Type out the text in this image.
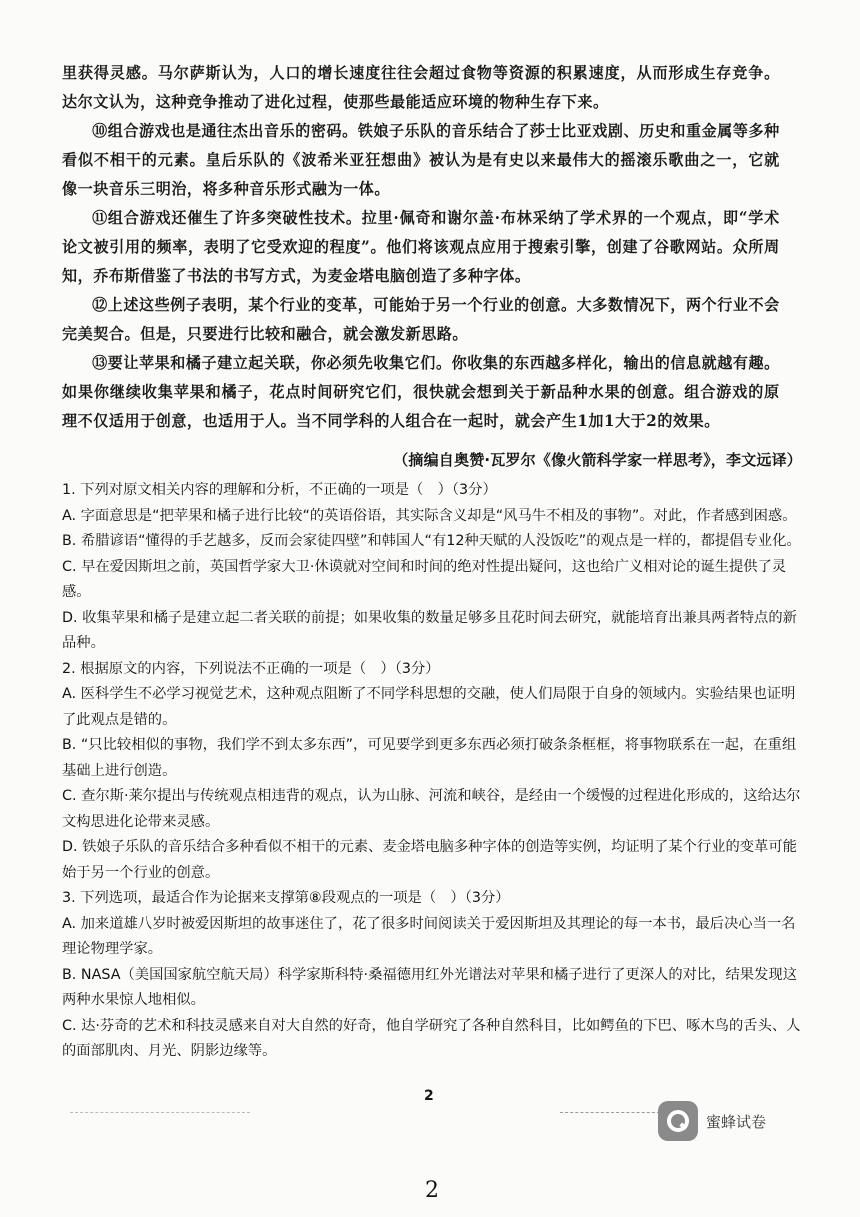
里获得灵感。马尔萨斯认为，人口的增长速度往往会超过食物等资源的积累速度，从而形成生存竞争。达尔文认为，这种竞争推动了进化过程，使那些最能适应环境的物种生存下来。

⑩组合游戏也是通往杰出音乐的密码。铁娘子乐队的音乐结合了莎士比亚戏剧、历史和重金属等多种看似不相干的元素。皇后乐队的《波希米亚狂想曲》被认为是有史以来最伟大的摇滚乐歌曲之一，它就像一块音乐三明治，将多种音乐形式融为一体。

⑪组合游戏还催生了许多突破性技术。拉里·佩奇和谢尔盖·布林采纳了学术界的一个观点，即“学术论文被引用的频率，表明了它受欢迎的程度”。他们将该观点应用于搜索引擎，创建了谷歌网站。众所周知，乔布斯借鉴了书法的书写方式，为麦金塔电脑创造了多种字体。

⑫上述这些例子表明，某个行业的变革，可能始于另一个行业的创意。大多数情况下，两个行业不会完美契合。但是，只要进行比较和融合，就会激发新思路。

⑬要让苹果和橘子建立起关联，你必须先收集它们。你收集的东西越多样化，输出的信息就越有趣。如果你继续收集苹果和橘子，花点时间研究它们，很快就会想到关于新品种水果的创意。组合游戏的原理不仅适用于创意，也适用于人。当不同学科的人组合在一起时，就会产生1加1大于2的效果。

（摘编自奥赞·瓦罗尔《像火箭科学家一样思考》，李文远译）

1. 下列对原文相关内容的理解和分析，不正确的一项是（　）（3分）

A. 字面意思是“把苹果和橘子进行比较“的英语俗语，其实际含义却是“风马牛不相及的事物”。对此，作者感到困惑。

B. 希腊谚语“懂得的手艺越多，反而会家徒四壁”和韩国人“有12种天赋的人没饭吃”的观点是一样的，都提倡专业化。

C. 早在爱因斯坦之前，英国哲学家大卫·休谟就对空间和时间的绝对性提出疑问，这也给广义相对论的诞生提供了灵感。

D. 收集苹果和橘子是建立起二者关联的前提；如果收集的数量足够多且花时间去研究，就能培育出兼具两者特点的新品种。

2. 根据原文的内容，下列说法不正确的一项是（　）（3分）

A. 医科学生不必学习视觉艺术，这种观点阻断了不同学科思想的交融，使人们局限于自身的领域内。实验结果也证明了此观点是错的。

B. “只比较相似的事物，我们学不到太多东西”，可见要学到更多东西必须打破条条框框，将事物联系在一起，在重组基础上进行创造。

C. 查尔斯·莱尔提出与传统观点相违背的观点，认为山脉、河流和峡谷，是经由一个缓慢的过程进化形成的，这给达尔文构思进化论带来灵感。

D. 铁娘子乐队的音乐结合多种看似不相干的元素、麦金塔电脑多种字体的创造等实例，均证明了某个行业的变革可能始于另一个行业的创意。

3. 下列选项，最适合作为论据来支撑第⑧段观点的一项是（　）（3分）

A. 加来道雄八岁时被爱因斯坦的故事迷住了，花了很多时间阅读关于爱因斯坦及其理论的每一本书，最后决心当一名理论物理学家。

B. NASA（美国国家航空航天局）科学家斯科特·桑福德用红外光谱法对苹果和橘子进行了更深人的对比，结果发现这两种水果惊人地相似。

C. 达·芬奇的艺术和科技灵感来自对大自然的好奇，他自学研究了各种自然科目，比如鳄鱼的下巴、啄木鸟的舌头、人的面部肌肉、月光、阴影边缘等。

2
蜜蜂试卷
2
